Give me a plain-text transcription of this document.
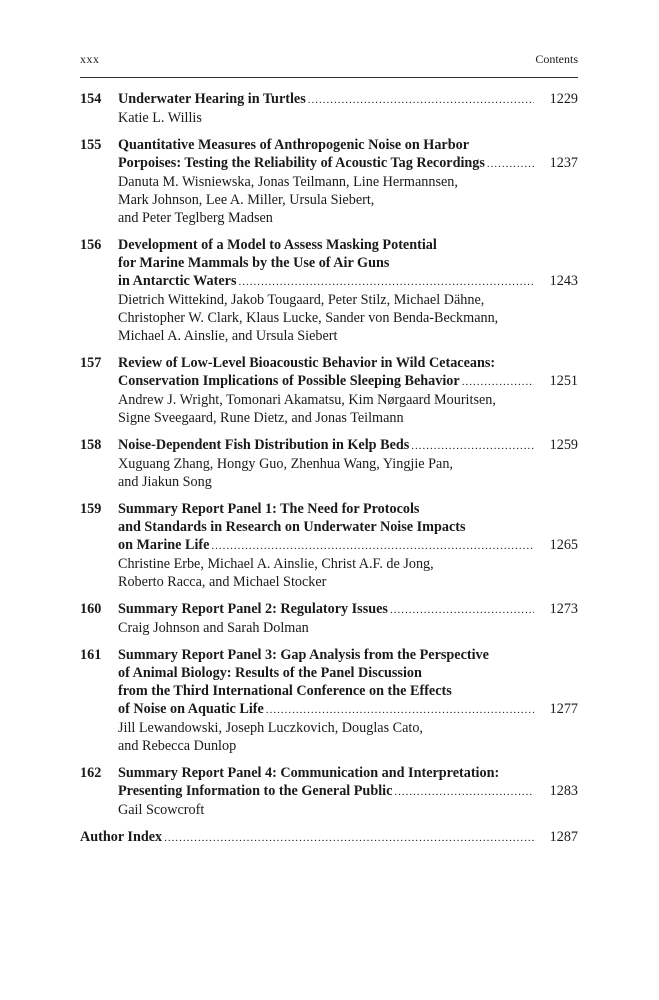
xxx	Contents
154 Underwater Hearing in Turtles .....	1229
Katie L. Willis
155 Quantitative Measures of Anthropogenic Noise on Harbor
Porpoises: Testing the Reliability of Acoustic Tag Recordings .....	1237
Danuta M. Wisniewska, Jonas Teilmann, Line Hermannsen,
Mark Johnson, Lee A. Miller, Ursula Siebert,
and Peter Teglberg Madsen
156 Development of a Model to Assess Masking Potential
for Marine Mammals by the Use of Air Guns
in Antarctic Waters .....	1243
Dietrich Wittekind, Jakob Tougaard, Peter Stilz, Michael Dähne,
Christopher W. Clark, Klaus Lucke, Sander von Benda-Beckmann,
Michael A. Ainslie, and Ursula Siebert
157 Review of Low-Level Bioacoustic Behavior in Wild Cetaceans:
Conservation Implications of Possible Sleeping Behavior .....	1251
Andrew J. Wright, Tomonari Akamatsu, Kim Nørgaard Mouritsen,
Signe Sveegaard, Rune Dietz, and Jonas Teilmann
158 Noise-Dependent Fish Distribution in Kelp Beds .....	1259
Xuguang Zhang, Hongy Guo, Zhenhua Wang, Yingjie Pan,
and Jiakun Song
159 Summary Report Panel 1: The Need for Protocols
and Standards in Research on Underwater Noise Impacts
on Marine Life .....	1265
Christine Erbe, Michael A. Ainslie, Christ A.F. de Jong,
Roberto Racca, and Michael Stocker
160 Summary Report Panel 2: Regulatory Issues .....	1273
Craig Johnson and Sarah Dolman
161 Summary Report Panel 3: Gap Analysis from the Perspective
of Animal Biology: Results of the Panel Discussion
from the Third International Conference on the Effects
of Noise on Aquatic Life .....	1277
Jill Lewandowski, Joseph Luczkovich, Douglas Cato,
and Rebecca Dunlop
162 Summary Report Panel 4: Communication and Interpretation:
Presenting Information to the General Public .....	1283
Gail Scowcroft
Author Index .....	1287
